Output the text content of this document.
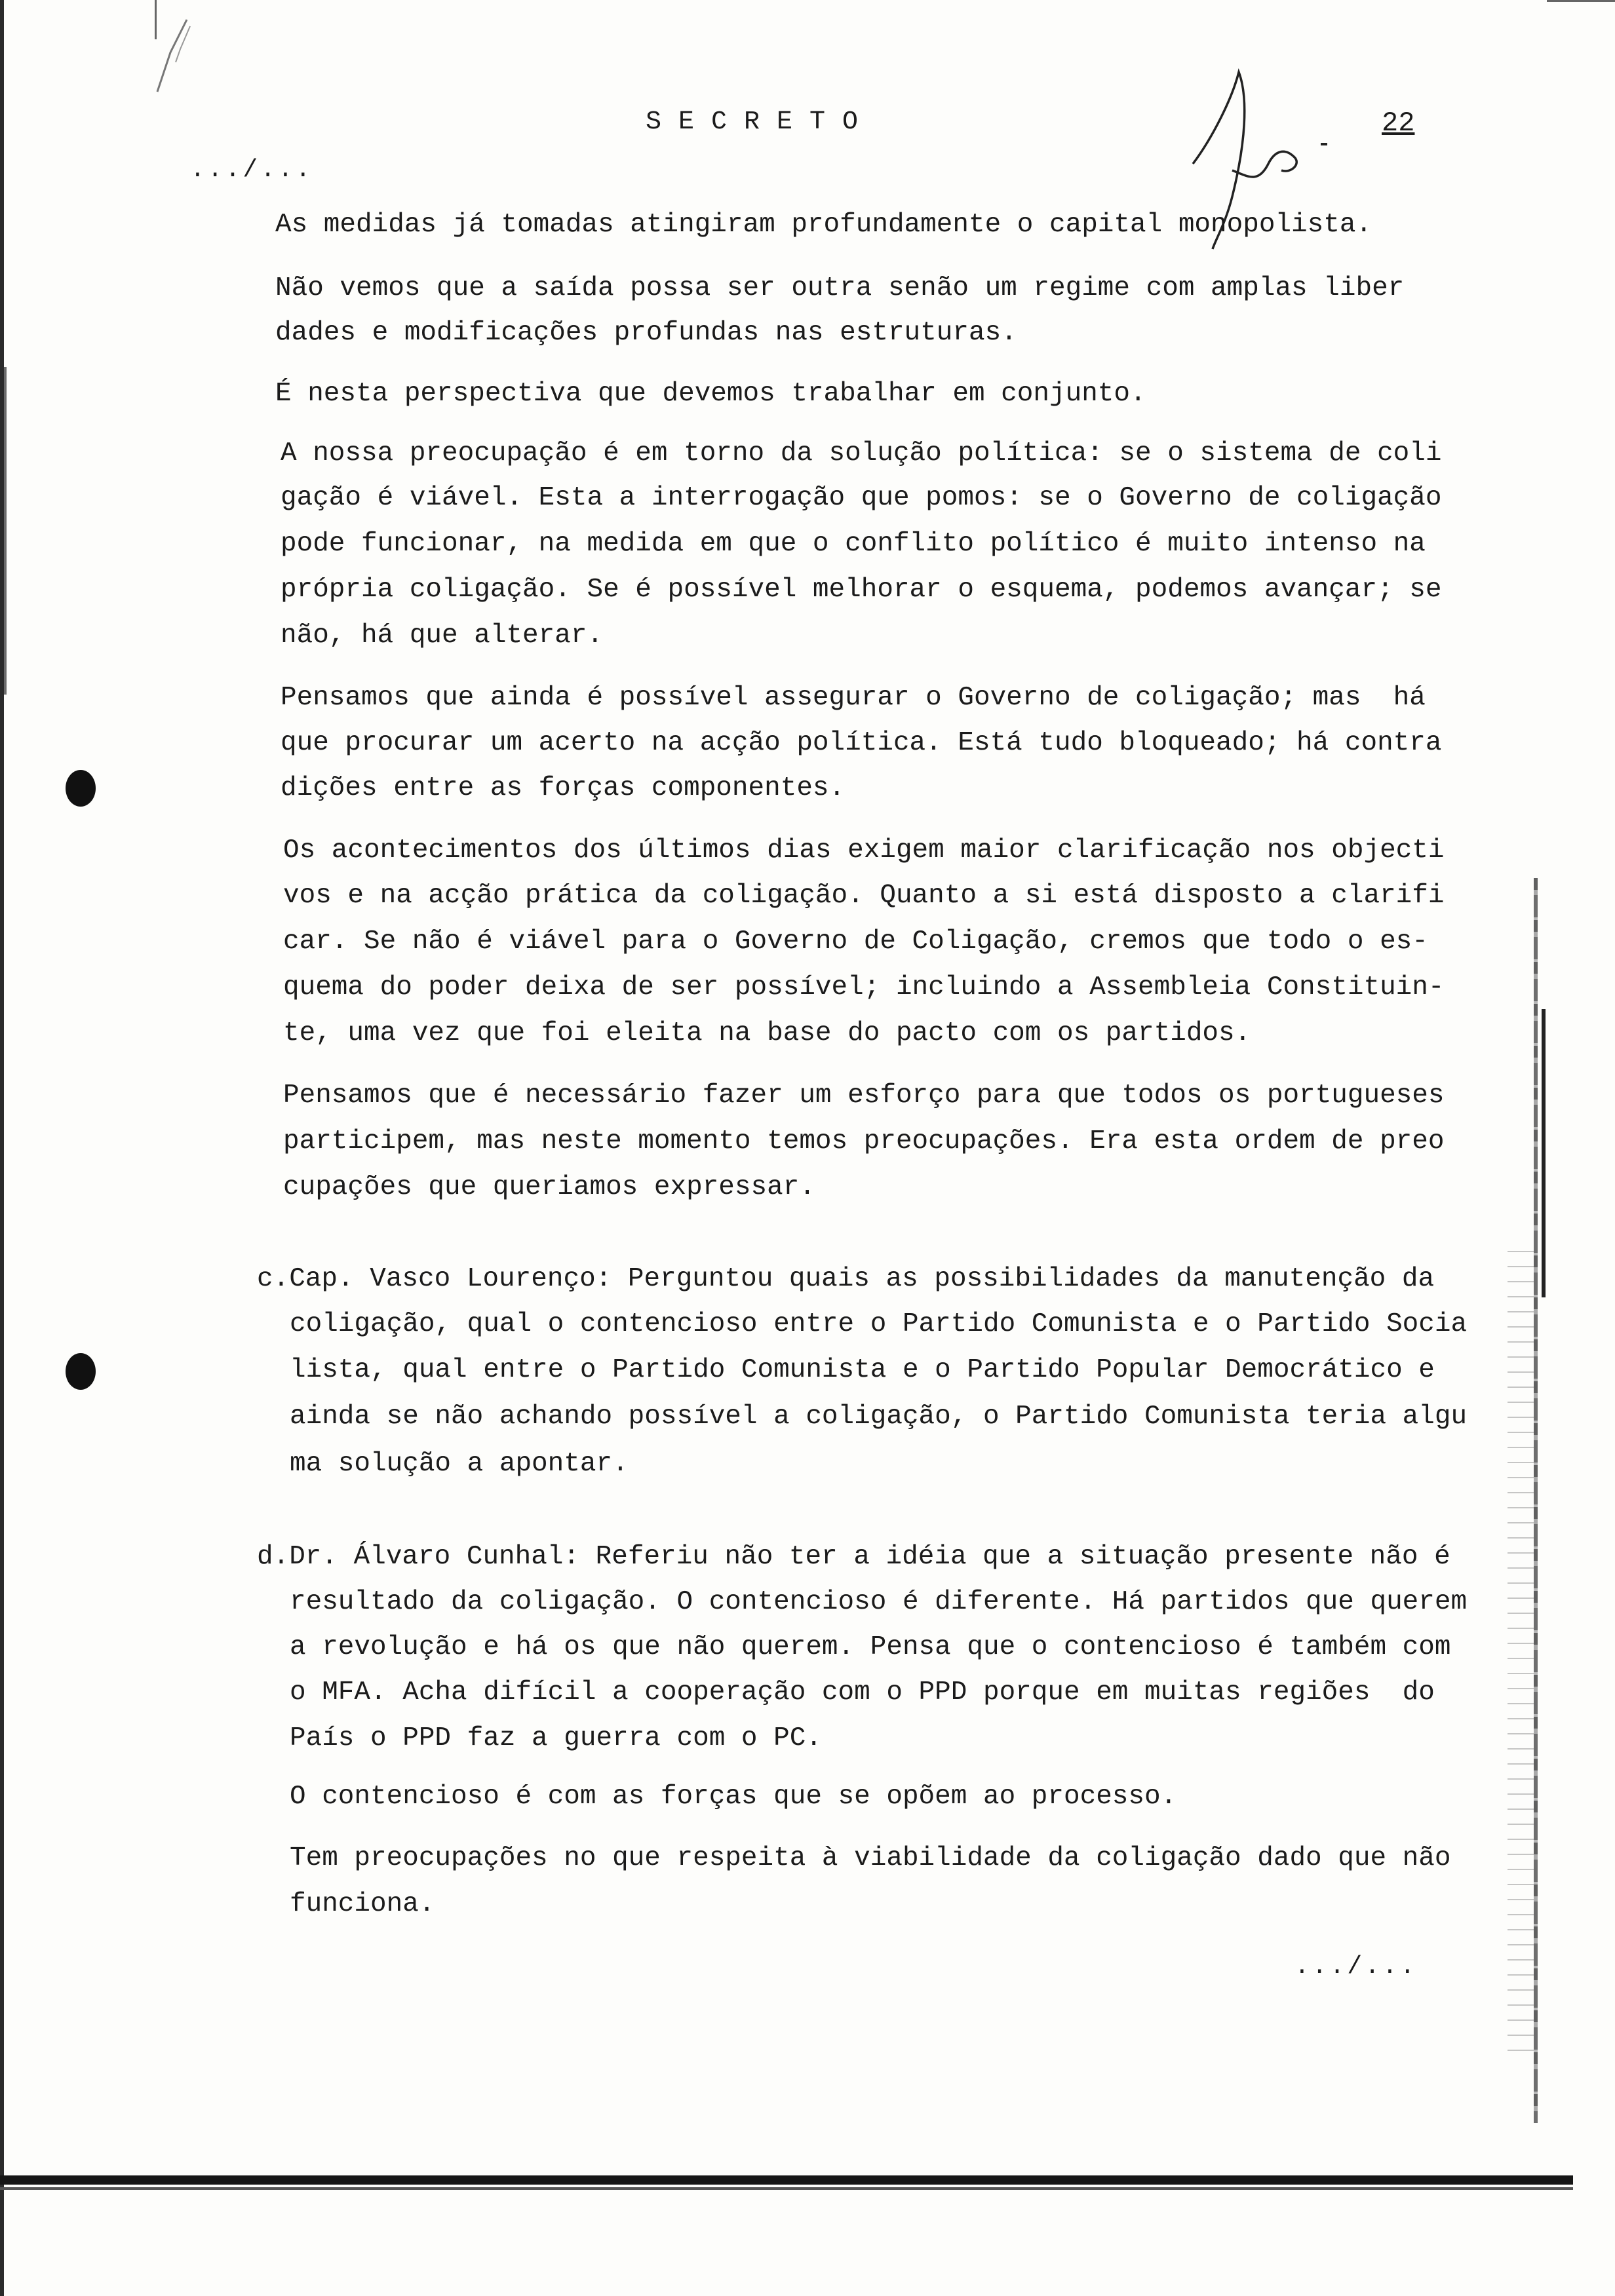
SECRETO	22
.../...
As medidas já tomadas atingiram profundamente o capital monopolista.
Não vemos que a saída possa ser outra senão um regime com amplas liber
dades e modificações profundas nas estruturas.
É nesta perspectiva que devemos trabalhar em conjunto.
A nossa preocupação é em torno da solução política: se o sistema de coli
gação é viável. Esta a interrogação que pomos: se o Governo de coligação
pode funcionar, na medida em que o conflito político é muito intenso na
própria coligação. Se é possível melhorar o esquema, podemos avançar; se
não, há que alterar.
Pensamos que ainda é possível assegurar o Governo de coligação; mas  há
que procurar um acerto na acção política. Está tudo bloqueado; há contra
dições entre as forças componentes.
Os acontecimentos dos últimos dias exigem maior clarificação nos objecti
vos e na acção prática da coligação. Quanto a si está disposto a clarifi
car. Se não é viável para o Governo de Coligação, cremos que todo o es-
quema do poder deixa de ser possível; incluindo a Assembleia Constituin-
te, uma vez que foi eleita na base do pacto com os partidos.
Pensamos que é necessário fazer um esforço para que todos os portugueses
participem, mas neste momento temos preocupações. Era esta ordem de preo
cupações que queriamos expressar.
c.Cap. Vasco Lourenço: Perguntou quais as possibilidades da manutenção da
coligação, qual o contencioso entre o Partido Comunista e o Partido Socia
lista, qual entre o Partido Comunista e o Partido Popular Democrático e
ainda se não achando possível a coligação, o Partido Comunista teria algu
ma solução a apontar.
d.Dr. Álvaro Cunhal: Referiu não ter a idéia que a situação presente não é
resultado da coligação. O contencioso é diferente. Há partidos que querem
a revolução e há os que não querem. Pensa que o contencioso é também com
o MFA. Acha difícil a cooperação com o PPD porque em muitas regiões  do
País o PPD faz a guerra com o PC.
O contencioso é com as forças que se opõem ao processo.
Tem preocupações no que respeita à viabilidade da coligação dado que não
funciona.
.../...
